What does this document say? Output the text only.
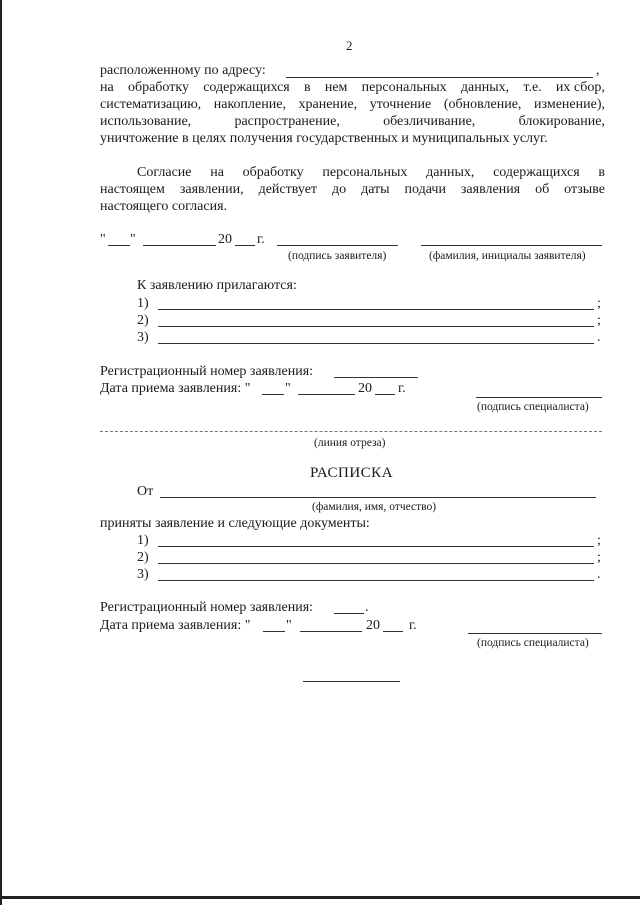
2
расположенному по адресу:	,
на обработку содержащихся в нем персональных данных, т.е. их сбор,
систематизацию, накопление, хранение, уточнение (обновление, изменение),
использование,	распространение,	обезличивание,	блокирование,
уничтожение в целях получения государственных и муниципальных услуг.
Согласие на обработку персональных данных, содержащихся в
настоящем заявлении, действует до даты подачи заявления об отзыве
настоящего согласия.
" "	20 г.
(подпись заявителя)	(фамилия, инициалы заявителя)
К заявлению прилагаются:
1)	;
2)	;
3)	.
Регистрационный номер заявления:
Дата приема заявления: " "	20 г.
(подпись специалиста)
(линия отреза)
РАСПИСКА
От
(фамилия, имя, отчество)
приняты заявление и следующие документы:
1)	;
2)	;
3)	.
Регистрационный номер заявления:	.
Дата приема заявления: "	"	20 г.
(подпись специалиста)
